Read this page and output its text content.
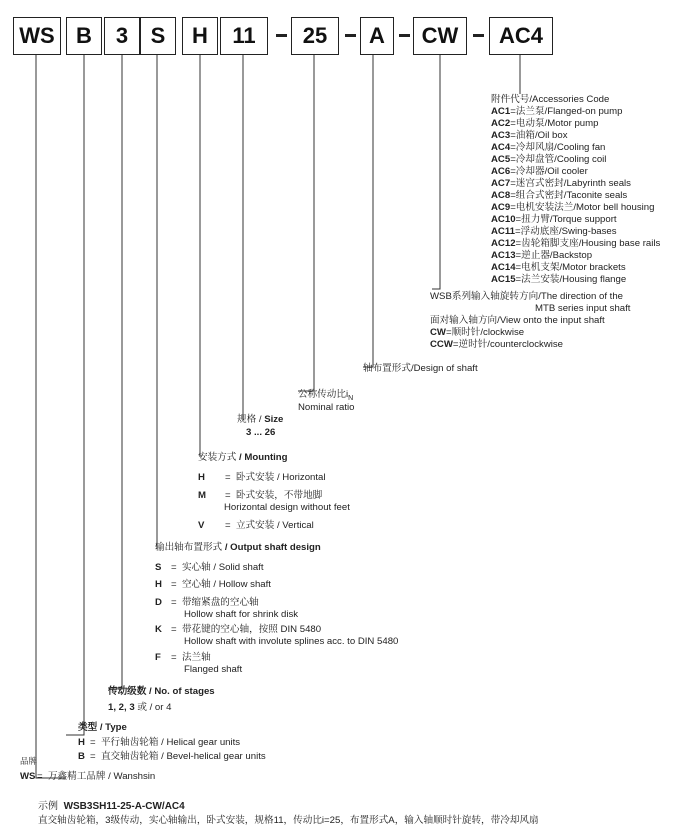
WS B	3	S	H	11	25	A	CW	AC4
附件代号/Accessories Code
AC1=法兰泵/Flanged-on pump
AC2=电动泵/Motor pump
AC3=油箱/Oil box
AC4=冷却风扇/Cooling fan
AC5=冷却盘管/Cooling coil
AC6=冷却器/Oil cooler
AC7=迷宫式密封/Labyrinth seals
AC8=组合式密封/Taconite seals
AC9=电机安装法兰/Motor bell housing
AC10=扭力臂/Torque support
AC11=浮动底座/Swing-bases
AC12=齿轮箱脚支座/Housing base rails
AC13=逆止器/Backstop
AC14=电机支架/Motor brackets
AC15=法兰安装/Housing flange
WSB系列输入轴旋转方向/The direction of the
MTB series input shaft
面对输入轴方向/View onto the input shaft
CW=顺时针/clockwise
CCW=逆时针/counterclockwise
轴布置形式/Design of shaft
公称传动比$i_N$
Nominal ratio
规格 / Size
3 ... 26
安装方式 / Mounting
H =  卧式安装 / Horizontal
M =  卧式安装，不带地脚
Horizontal design without feet
V =  立式安装 / Vertical
输出轴布置形式 / Output shaft design
S =  实心轴 / Solid shaft
H =  空心轴 / Hollow shaft
D =  带缩紧盘的空心轴
Hollow shaft for shrink disk
K =  带花键的空心轴，按照 DIN 5480
Hollow shaft with involute splines acc. to DIN 5480
F =  法兰轴
Flanged shaft
传动级数 / No. of stages
1, 2, 3 或 / or 4
类型 / Type
H =  平行轴齿轮箱 / Helical gear units
B =  直交轴齿轮箱 / Bevel-helical gear units
品牌
WS =  万鑫精工品牌 / Wanshsin
示例 WSB3SH11-25-A-CW/AC4
直交轴齿轮箱，3级传动，实心轴输出，卧式安装，规格11，传动比i=25，布置形式A，输入轴顺时针旋转，带冷却风扇
